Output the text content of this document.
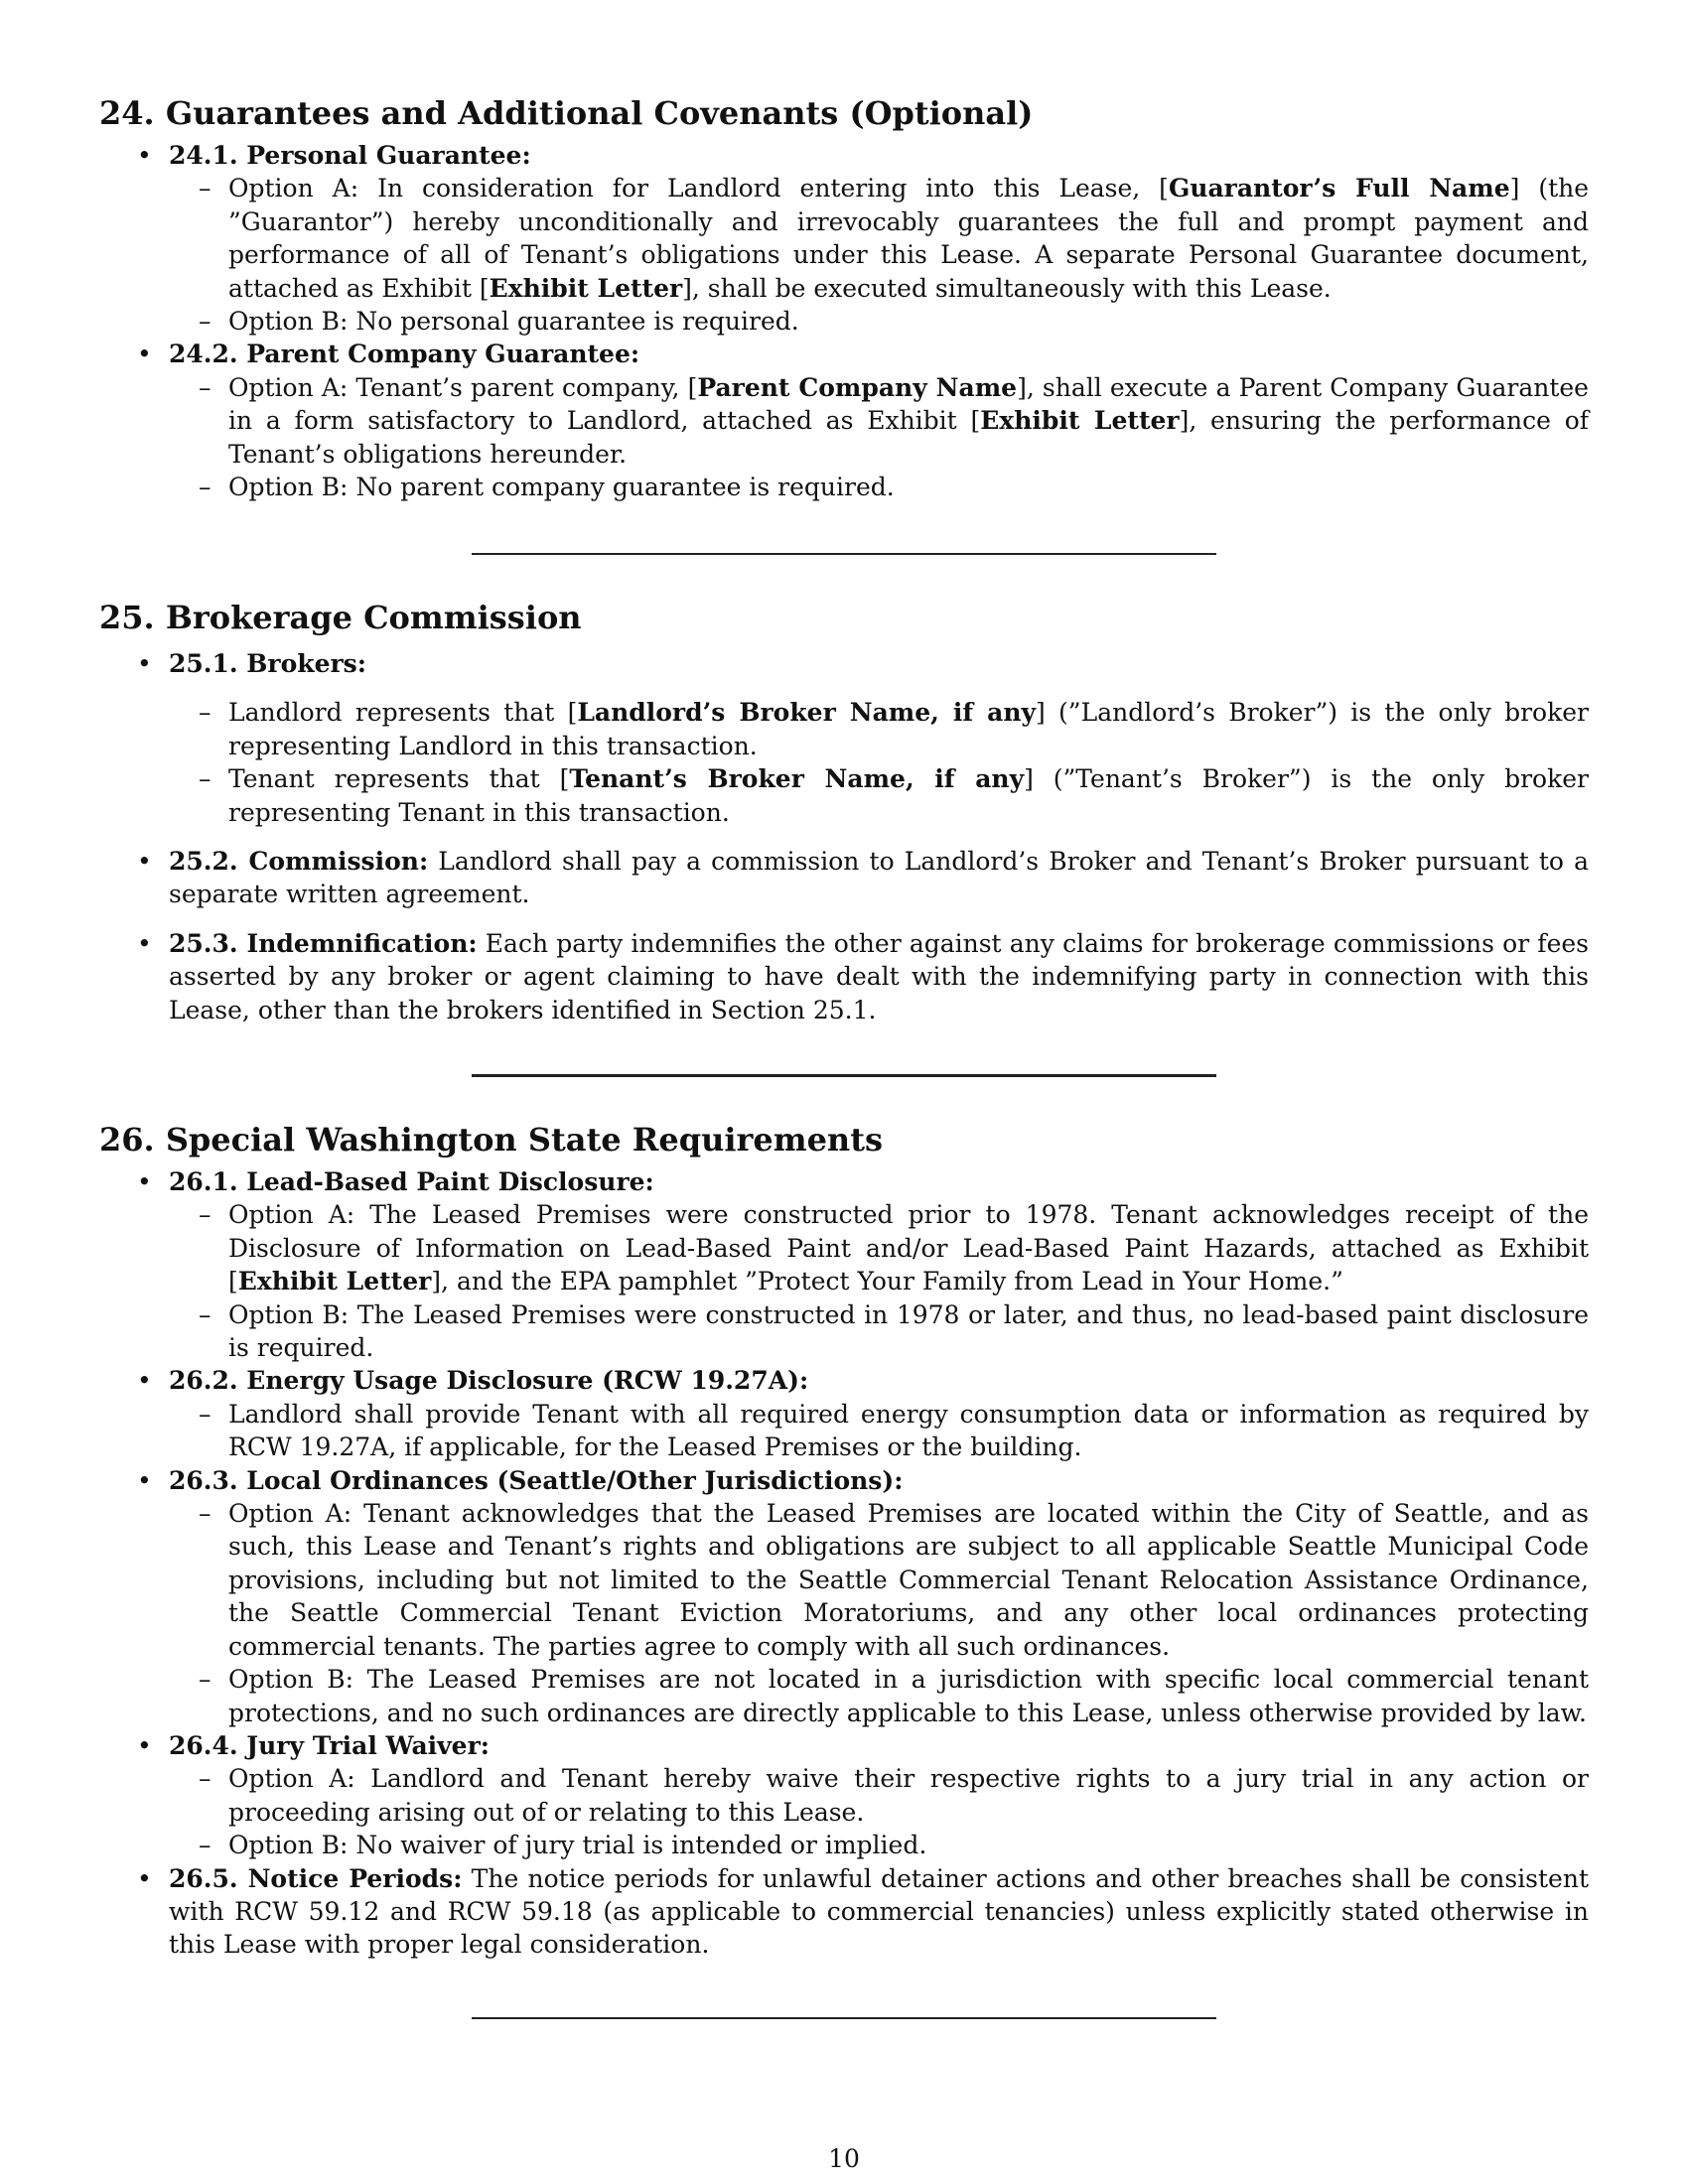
24. Guarantees and Additional Covenants (Optional)
• 24.1. Personal Guarantee:
– Option A: In consideration for Landlord entering into this Lease, [Guarantor’s Full Name] (the ”Guarantor”) hereby unconditionally and irrevocably guarantees the full and prompt payment and performance of all of Tenant’s obligations under this Lease. A separate Personal Guarantee document, attached as Exhibit [Exhibit Letter], shall be executed simultaneously with this Lease.
– Option B: No personal guarantee is required.
• 24.2. Parent Company Guarantee:
– Option A: Tenant’s parent company, [Parent Company Name], shall execute a Parent Company Guarantee in a form satisfactory to Landlord, attached as Exhibit [Exhibit Letter], ensuring the performance of Tenant’s obligations hereunder.
– Option B: No parent company guarantee is required.
25. Brokerage Commission
• 25.1. Brokers:
– Landlord represents that [Landlord’s Broker Name, if any] (”Landlord’s Broker”) is the only broker representing Landlord in this transaction.
– Tenant represents that [Tenant’s Broker Name, if any] (”Tenant’s Broker”) is the only broker representing Tenant in this transaction.
• 25.2. Commission: Landlord shall pay a commission to Landlord’s Broker and Tenant’s Broker pursuant to a separate written agreement.
• 25.3. Indemnification: Each party indemnifies the other against any claims for brokerage commissions or fees asserted by any broker or agent claiming to have dealt with the indemnifying party in connection with this Lease, other than the brokers identified in Section 25.1.
26. Special Washington State Requirements
• 26.1. Lead-Based Paint Disclosure:
– Option A: The Leased Premises were constructed prior to 1978. Tenant acknowledges receipt of the Disclosure of Information on Lead-Based Paint and/or Lead-Based Paint Hazards, attached as Exhibit [Exhibit Letter], and the EPA pamphlet ”Protect Your Family from Lead in Your Home.”
– Option B: The Leased Premises were constructed in 1978 or later, and thus, no lead-based paint disclosure is required.
• 26.2. Energy Usage Disclosure (RCW 19.27A):
– Landlord shall provide Tenant with all required energy consumption data or information as required by RCW 19.27A, if applicable, for the Leased Premises or the building.
• 26.3. Local Ordinances (Seattle/Other Jurisdictions):
– Option A: Tenant acknowledges that the Leased Premises are located within the City of Seattle, and as such, this Lease and Tenant’s rights and obligations are subject to all applicable Seattle Municipal Code provisions, including but not limited to the Seattle Commercial Tenant Relocation Assistance Ordinance, the Seattle Commercial Tenant Eviction Moratoriums, and any other local ordinances protecting commercial tenants. The parties agree to comply with all such ordinances.
– Option B: The Leased Premises are not located in a jurisdiction with specific local commercial tenant protections, and no such ordinances are directly applicable to this Lease, unless otherwise provided by law.
• 26.4. Jury Trial Waiver:
– Option A: Landlord and Tenant hereby waive their respective rights to a jury trial in any action or proceeding arising out of or relating to this Lease.
– Option B: No waiver of jury trial is intended or implied.
• 26.5. Notice Periods: The notice periods for unlawful detainer actions and other breaches shall be consistent with RCW 59.12 and RCW 59.18 (as applicable to commercial tenancies) unless explicitly stated otherwise in this Lease with proper legal consideration.
10
